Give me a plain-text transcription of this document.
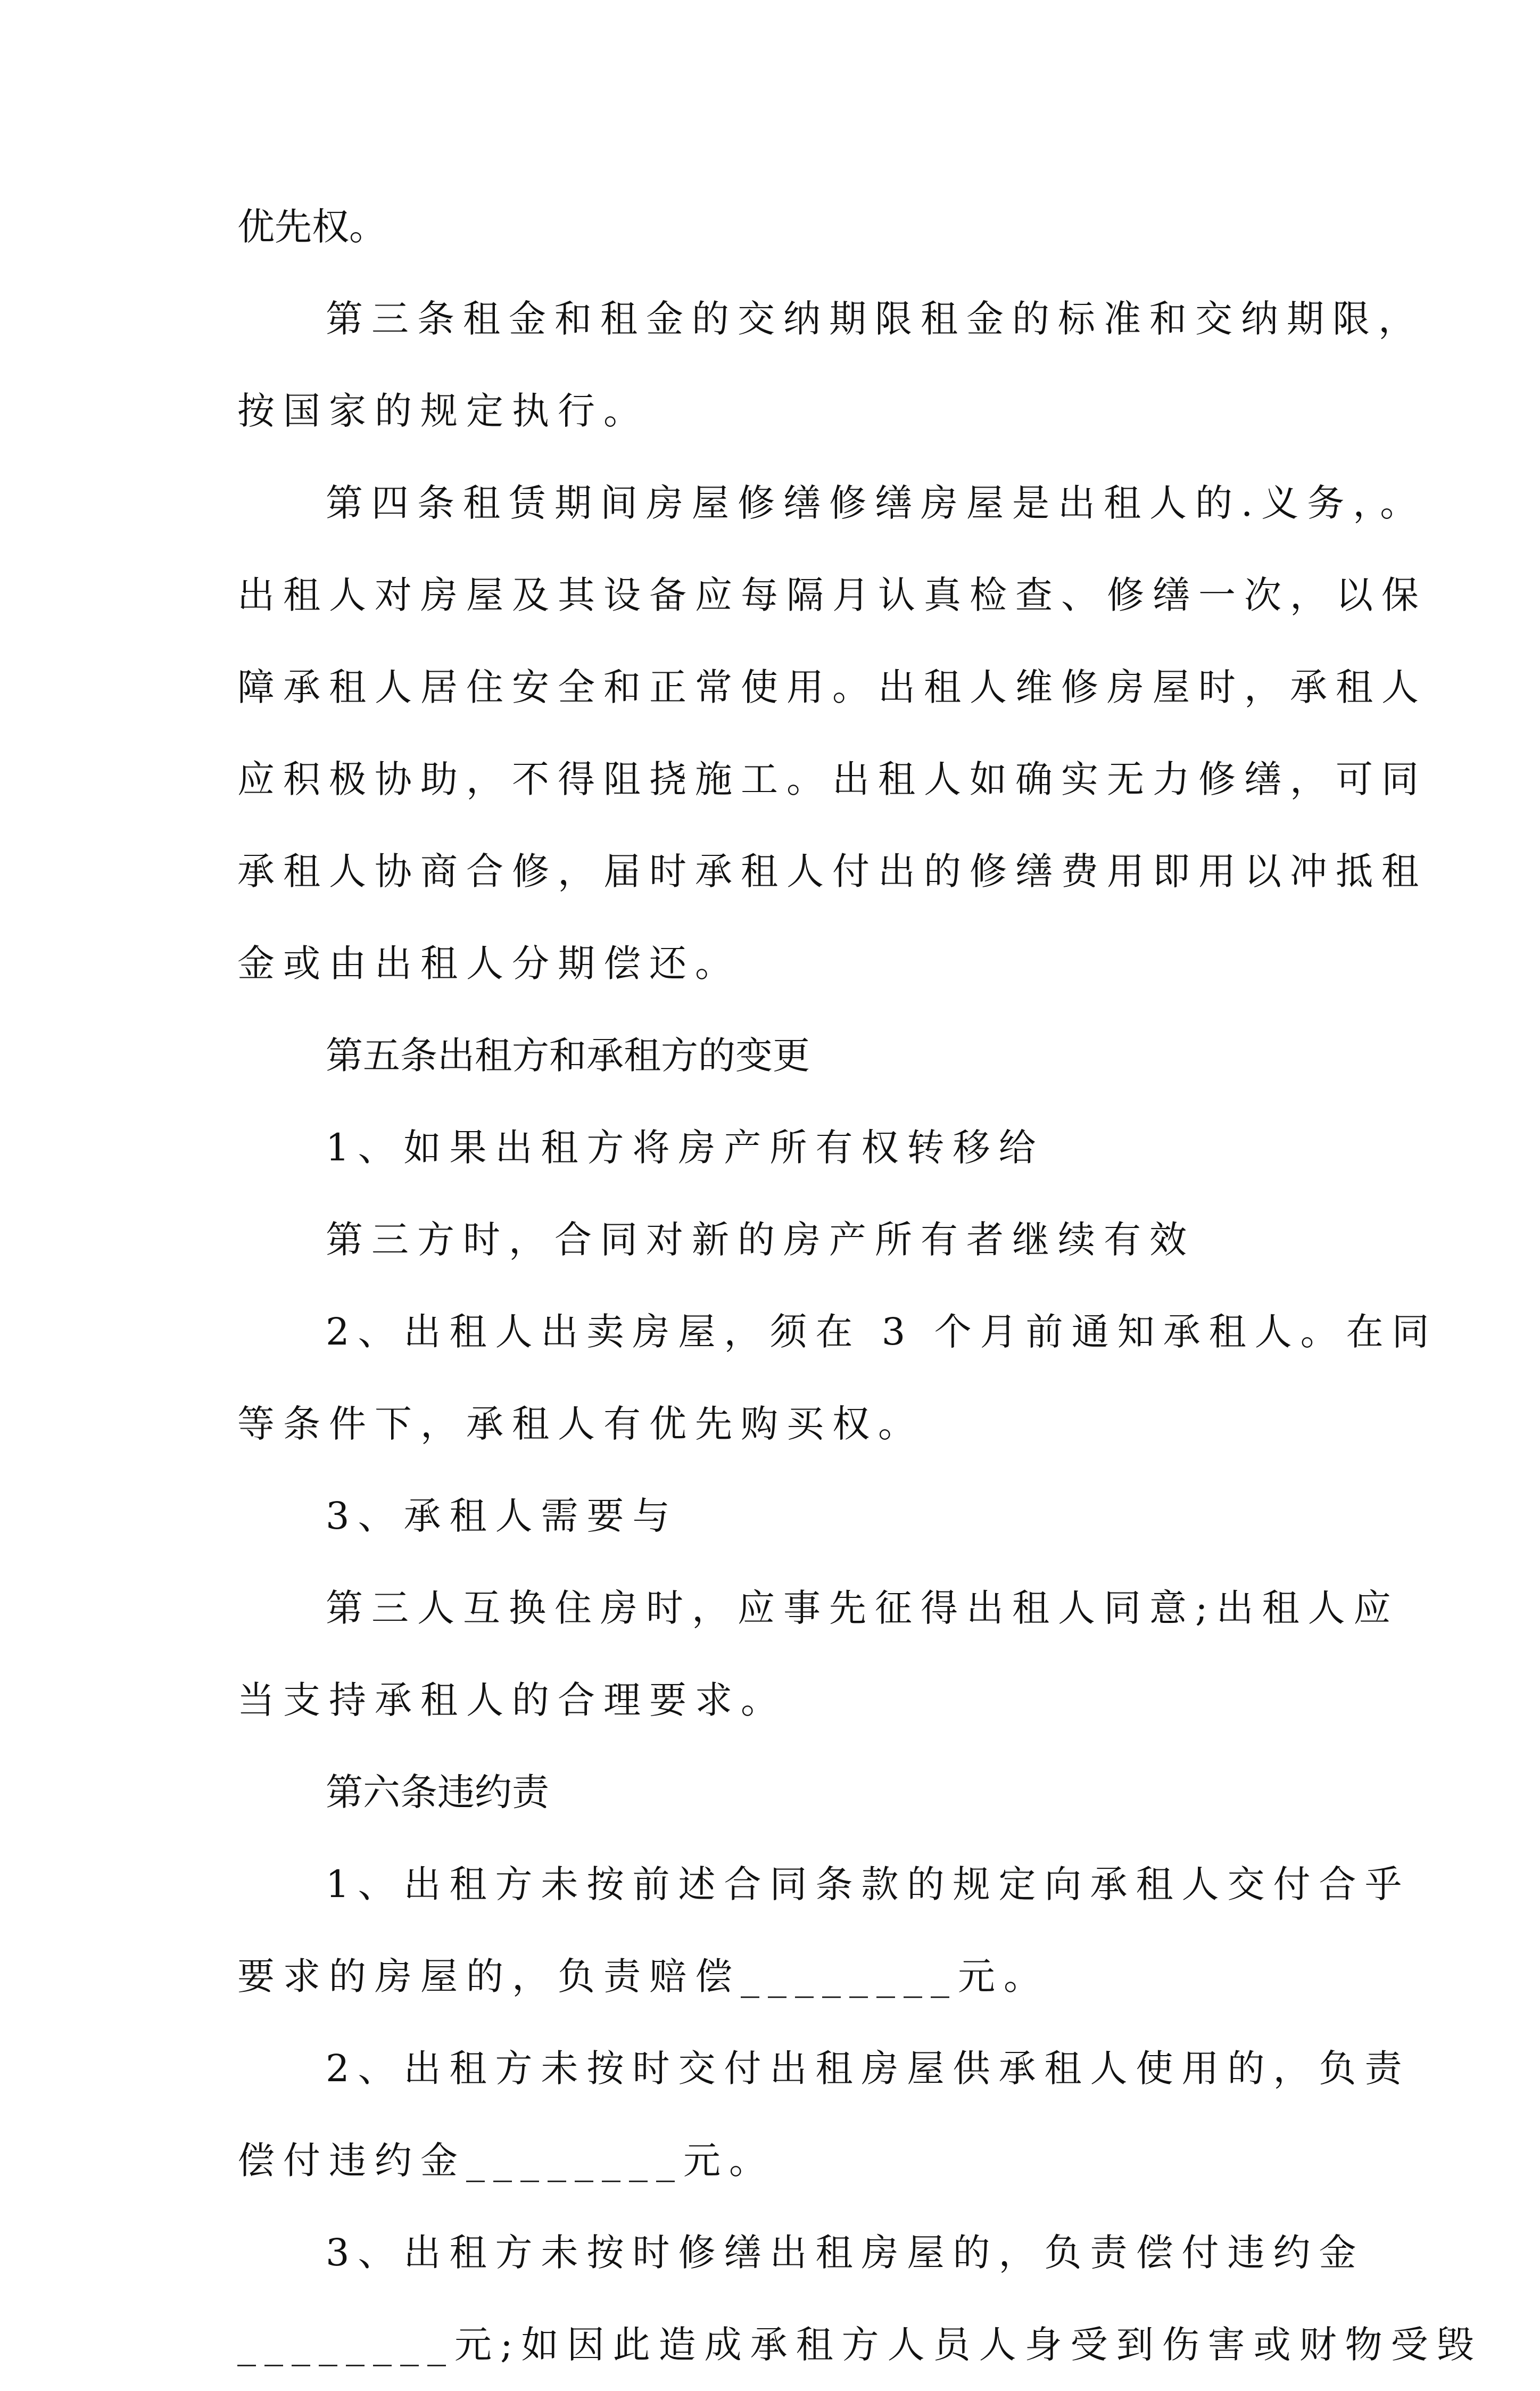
优先权。
第三条租金和租金的交纳期限租金的标准和交纳期限，
按国家的规定执行。
第四条租赁期间房屋修缮修缮房屋是出租人的.义务，。
出租人对房屋及其设备应每隔月认真检查、修缮一次，以保
障承租人居住安全和正常使用。出租人维修房屋时，承租人
应积极协助，不得阻挠施工。出租人如确实无力修缮，可同
承租人协商合修，届时承租人付出的修缮费用即用以冲抵租
金或由出租人分期偿还。
第五条出租方和承租方的变更
1、如果出租方将房产所有权转移给
第三方时，合同对新的房产所有者继续有效
2、出租人出卖房屋，须在 3 个月前通知承租人。在同
等条件下，承租人有优先购买权。
3、承租人需要与
第三人互换住房时，应事先征得出租人同意;出租人应
当支持承租人的合理要求。
第六条违约责
1、出租方未按前述合同条款的规定向承租人交付合乎
要求的房屋的，负责赔偿________元。
2、出租方未按时交付出租房屋供承租人使用的，负责
偿付违约金________元。
3、出租方未按时修缮出租房屋的，负责偿付违约金
________元;如因此造成承租方人员人身受到伤害或财物受毁
